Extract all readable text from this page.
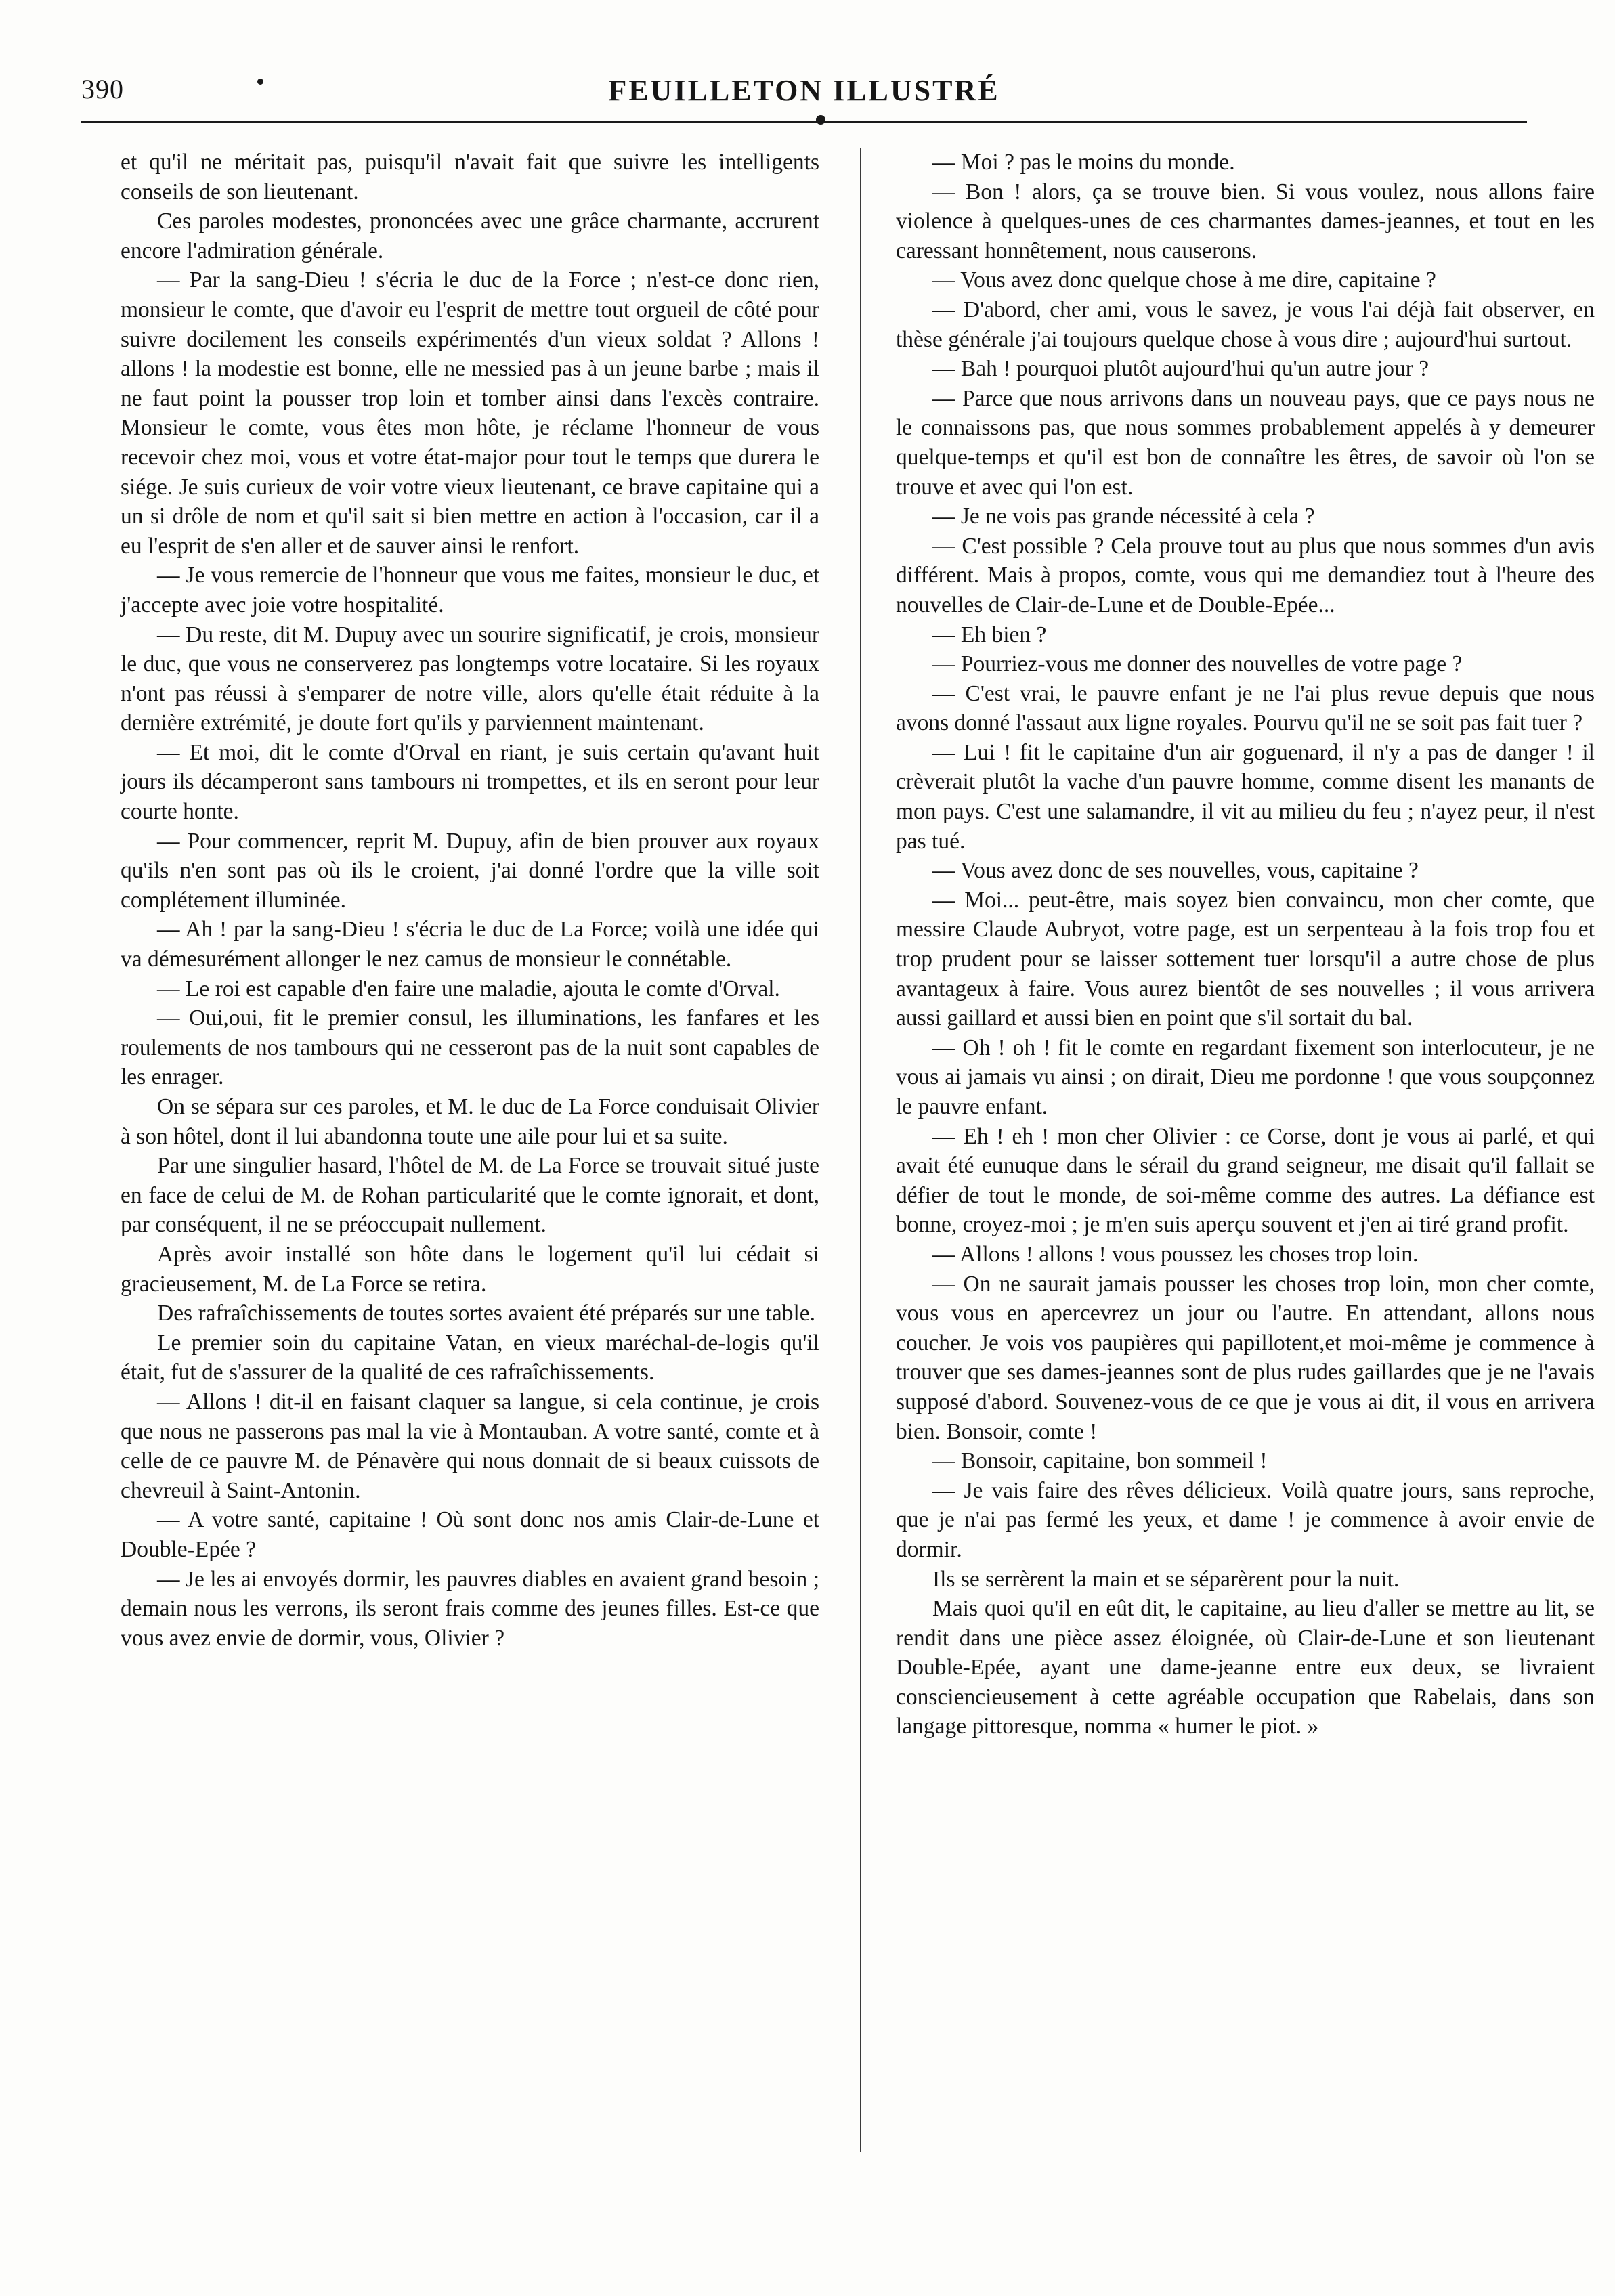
390	FEUILLETON ILLUSTRÉ

et qu'il ne méritait pas, puisqu'il n'avait fait que suivre les intelligents conseils de son lieutenant.

Ces paroles modestes, prononcées avec une grâce charmante, accrurent encore l'admiration générale.

— Par la sang-Dieu ! s'écria le duc de la Force ; n'est-ce donc rien, monsieur le comte, que d'avoir eu l'esprit de mettre tout orgueil de côté pour suivre docilement les conseils expérimentés d'un vieux soldat ? Allons ! allons ! la modestie est bonne, elle ne messied pas à un jeune barbe ; mais il ne faut point la pousser trop loin et tomber ainsi dans l'excès contraire. Monsieur le comte, vous êtes mon hôte, je réclame l'honneur de vous recevoir chez moi, vous et votre état-major pour tout le temps que durera le siége. Je suis curieux de voir votre vieux lieutenant, ce brave capitaine qui a un si drôle de nom et qu'il sait si bien mettre en action à l'occasion, car il a eu l'esprit de s'en aller et de sauver ainsi le renfort.

— Je vous remercie de l'honneur que vous me faites, monsieur le duc, et j'accepte avec joie votre hospitalité.

— Du reste, dit M. Dupuy avec un sourire significatif, je crois, monsieur le duc, que vous ne conserverez pas longtemps votre locataire. Si les royaux n'ont pas réussi à s'emparer de notre ville, alors qu'elle était réduite à la dernière extrémité, je doute fort qu'ils y parviennent maintenant.

— Et moi, dit le comte d'Orval en riant, je suis certain qu'avant huit jours ils décamperont sans tambours ni trompettes, et ils en seront pour leur courte honte.

— Pour commencer, reprit M. Dupuy, afin de bien prouver aux royaux qu'ils n'en sont pas où ils le croient, j'ai donné l'ordre que la ville soit complétement illuminée.

— Ah ! par la sang-Dieu ! s'écria le duc de La Force; voilà une idée qui va démesurément allonger le nez camus de monsieur le connétable.

— Le roi est capable d'en faire une maladie, ajouta le comte d'Orval.

— Oui,oui, fit le premier consul, les illuminations, les fanfares et les roulements de nos tambours qui ne cesseront pas de la nuit sont capables de les enrager.

On se sépara sur ces paroles, et M. le duc de La Force conduisait Olivier à son hôtel, dont il lui abandonna toute une aile pour lui et sa suite.

Par une singulier hasard, l'hôtel de M. de La Force se trouvait situé juste en face de celui de M. de Rohan particularité que le comte ignorait, et dont, par conséquent, il ne se préoccupait nullement.

Après avoir installé son hôte dans le logement qu'il lui cédait si gracieusement, M. de La Force se retira.

Des rafraîchissements de toutes sortes avaient été préparés sur une table.

Le premier soin du capitaine Vatan, en vieux maréchal-de-logis qu'il était, fut de s'assurer de la qualité de ces rafraîchissements.

— Allons ! dit-il en faisant claquer sa langue, si cela continue, je crois que nous ne passerons pas mal la vie à Montauban. A votre santé, comte et à celle de ce pauvre M. de Pénavère qui nous donnait de si beaux cuissots de chevreuil à Saint-Antonin.

— A votre santé, capitaine ! Où sont donc nos amis Clair-de-Lune et Double-Epée ?

— Je les ai envoyés dormir, les pauvres diables en avaient grand besoin ; demain nous les verrons, ils seront frais comme des jeunes filles. Est-ce que vous avez envie de dormir, vous, Olivier ?

— Moi ? pas le moins du monde.

— Bon ! alors, ça se trouve bien. Si vous voulez, nous allons faire violence à quelques-unes de ces charmantes dames-jeannes, et tout en les caressant honnêtement, nous causerons.

— Vous avez donc quelque chose à me dire, capitaine ?

— D'abord, cher ami, vous le savez, je vous l'ai déjà fait observer, en thèse générale j'ai toujours quelque chose à vous dire ; aujourd'hui surtout.

— Bah ! pourquoi plutôt aujourd'hui qu'un autre jour ?

— Parce que nous arrivons dans un nouveau pays, que ce pays nous ne le connaissons pas, que nous sommes probablement appelés à y demeurer quelque-temps et qu'il est bon de connaître les êtres, de savoir où l'on se trouve et avec qui l'on est.

— Je ne vois pas grande nécessité à cela ?

— C'est possible ? Cela prouve tout au plus que nous sommes d'un avis différent. Mais à propos, comte, vous qui me demandiez tout à l'heure des nouvelles de Clair-de-Lune et de Double-Epée...

— Eh bien ?

— Pourriez-vous me donner des nouvelles de votre page ?

— C'est vrai, le pauvre enfant je ne l'ai plus revue depuis que nous avons donné l'assaut aux ligne royales. Pourvu qu'il ne se soit pas fait tuer ?

— Lui ! fit le capitaine d'un air goguenard, il n'y a pas de danger ! il crèverait plutôt la vache d'un pauvre homme, comme disent les manants de mon pays. C'est une salamandre, il vit au milieu du feu ; n'ayez peur, il n'est pas tué.

— Vous avez donc de ses nouvelles, vous, capitaine ?

— Moi... peut-être, mais soyez bien convaincu, mon cher comte, que messire Claude Aubryot, votre page, est un serpenteau à la fois trop fou et trop prudent pour se laisser sottement tuer lorsqu'il a autre chose de plus avantageux à faire. Vous aurez bientôt de ses nouvelles ; il vous arrivera aussi gaillard et aussi bien en point que s'il sortait du bal.

— Oh ! oh ! fit le comte en regardant fixement son interlocuteur, je ne vous ai jamais vu ainsi ; on dirait, Dieu me pordonne ! que vous soupçonnez le pauvre enfant.

— Eh ! eh ! mon cher Olivier : ce Corse, dont je vous ai parlé, et qui avait été eunuque dans le sérail du grand seigneur, me disait qu'il fallait se défier de tout le monde, de soi-même comme des autres. La défiance est bonne, croyez-moi ; je m'en suis aperçu souvent et j'en ai tiré grand profit.

— Allons ! allons ! vous poussez les choses trop loin.

— On ne saurait jamais pousser les choses trop loin, mon cher comte, vous vous en apercevrez un jour ou l'autre. En attendant, allons nous coucher. Je vois vos paupières qui papillotent,et moi-même je commence à trouver que ses dames-jeannes sont de plus rudes gaillardes que je ne l'avais supposé d'abord. Souvenez-vous de ce que je vous ai dit, il vous en arrivera bien. Bonsoir, comte !

— Bonsoir, capitaine, bon sommeil !

— Je vais faire des rêves délicieux. Voilà quatre jours, sans reproche, que je n'ai pas fermé les yeux, et dame ! je commence à avoir envie de dormir.

Ils se serrèrent la main et se séparèrent pour la nuit.

Mais quoi qu'il en eût dit, le capitaine, au lieu d'aller se mettre au lit, se rendit dans une pièce assez éloignée, où Clair-de-Lune et son lieutenant Double-Epée, ayant une dame-jeanne entre eux deux, se livraient consciencieusement à cette agréable occupation que Rabelais, dans son langage pittoresque, nomma « humer le piot. »
